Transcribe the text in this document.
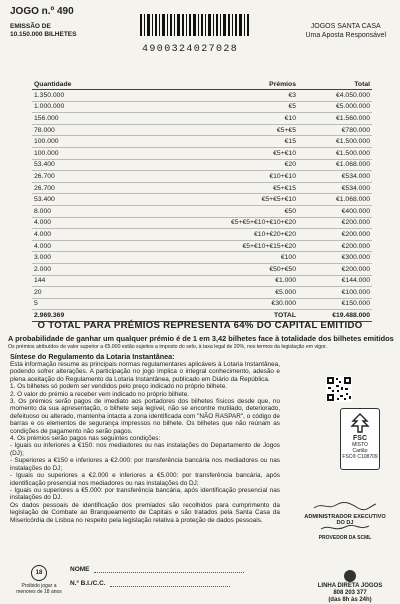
JOGO n.º 490
EMISSÃO DE
10.150.000 BILHETES
4900324027028
JOGOS SANTA CASA
Uma Aposta Responsável
Quantidade	Prémios	Total
1.350.000	€3	€4.050.000
1.000.000	€5	€5.000.000
156.000	€10	€1.560.000
78.000	€5+€5	€780.000
100.000	€15	€1.500.000
100.000	€5+€10	€1.500.000
53.400	€20	€1.068.000
26.700	€10+€10	€534.000
26.700	€5+€15	€534.000
53.400	€5+€5+€10	€1.068.000
8.000	€50	€400.000
4.000	€5+€5+€10+€10+€20	€200.000
4.000	€10+€20+€20	€200.000
4.000	€5+€10+€15+€20	€200.000
3.000	€100	€300.000
2.000	€50+€50	€200.000
144	€1.000	€144.000
20	€5.000	€100.000
5	€30.000	€150.000
2.969.369	TOTAL	€19.488.000
O TOTAL PARA PRÉMIOS REPRESENTA 64% DO CAPITAL EMITIDO
A probabilidade de ganhar um qualquer prémio é de 1 em 3,42 bilhetes face à totalidade dos bilhetes emitidos
Os prémios atribuídos de valor superior a €5.000 estão sujeitos a imposto do selo, à taxa legal de 20%, nos termos da legislação em vigor.
Síntese do Regulamento da Lotaria Instantânea:

Esta informação resume as principais normas regulamentares aplicáveis à Lotaria Instantânea, podendo sofrer alterações. A participação no jogo implica o integral conhecimento, adesão e plena aceitação do Regulamento da Lotaria Instantânea, publicado em Diário da República.

1. Os bilhetes só podem ser vendidos pelo preço indicado no próprio bilhete.

2. O valor do prémio a receber vem indicado no próprio bilhete.

3. Os prémios serão pagos de imediato aos portadores dos bilhetes físicos desde que, no momento da sua apresentação, o bilhete seja legível, não se encontre mutilado, deteriorado, defeituoso ou alterado, mantenha intacta a zona identificada com "NÃO RASPAR", o código de barras e os elementos de segurança impressos no bilhete. Os bilhetes que não reúnam as condições de pagamento não serão pagos.

4. Os prémios serão pagos nas seguintes condições:

- Iguais ou inferiores a €150: nos mediadores ou nas instalações do Departamento de Jogos (DJ);

- Superiores a €150 e inferiores a €2.000: por transferência bancária nos mediadores ou nas instalações do DJ;

- Iguais ou superiores a €2.000 e inferiores a €5.000: por transferência bancária, após identificação presencial nos mediadores ou nas instalações do DJ;

- Iguais ou superiores a €5.000: por transferência bancária, após identificação presencial nas instalações do DJ.

Os dados pessoais de identificação dos premiados são recolhidos para cumprimento da legislação de Combate ao Branqueamento de Capitais e são tratados pela Santa Casa da Misericórdia de Lisboa no respeito pela legislação relativa à proteção de dados pessoais.

FSC
MISTO
Cartão
FSC® C108709
ADMINISTRADOR EXECUTIVO DO DJ
PROVEDOR DA SCML
18
Proibido jogar a menores de 18 anos
NOME
N.º B.I./C.C.	LINHA DIRETA JOGOS
808 203 377
(das 8h às 24h)
